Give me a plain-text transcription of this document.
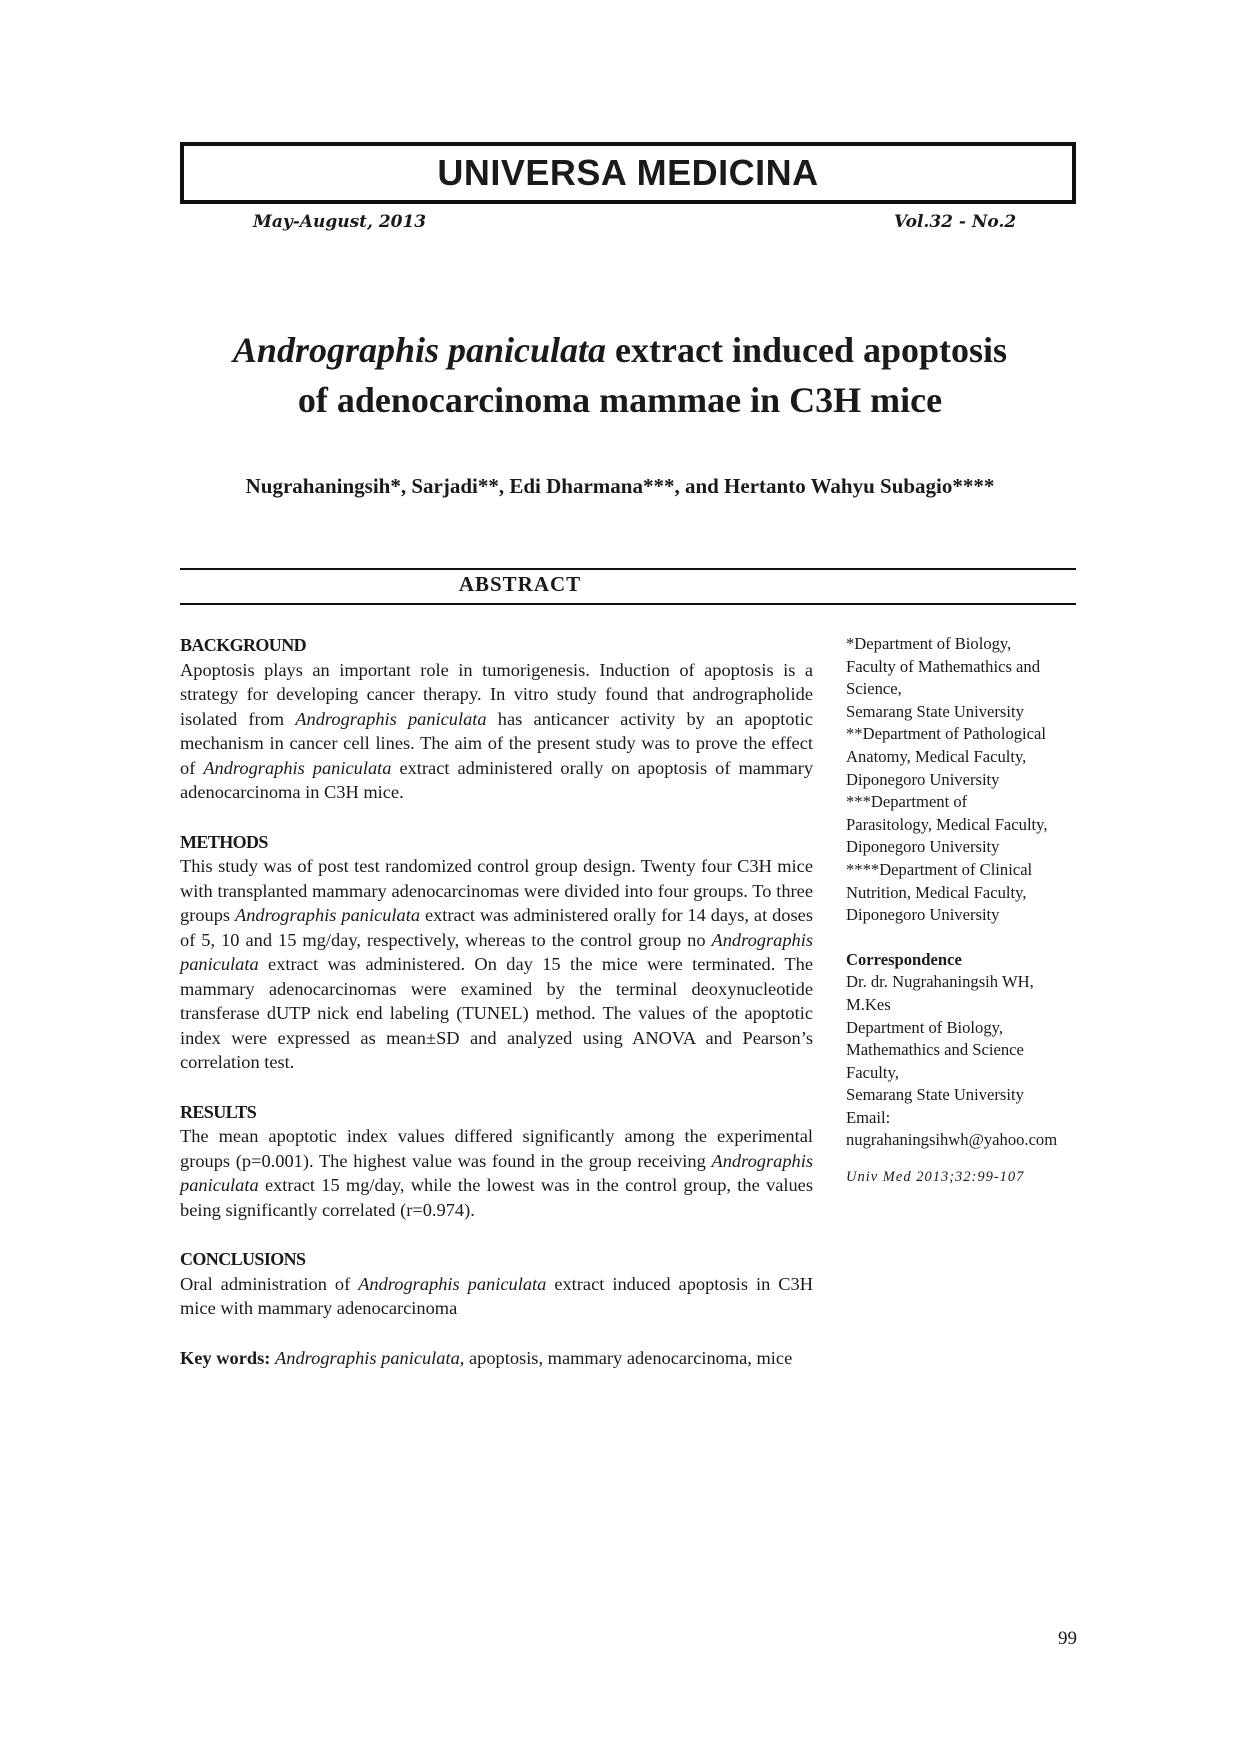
UNIVERSA MEDICINA
May-August, 2013	Vol.32 - No.2
Andrographis paniculata extract induced apoptosis
of adenocarcinoma mammae in C3H mice
Nugrahaningsih*, Sarjadi**, Edi Dharmana***, and Hertanto Wahyu Subagio****
ABSTRACT
BACKGROUND

Apoptosis plays an important role in tumorigenesis. Induction of apoptosis is a strategy for developing cancer therapy. In vitro study found that andrographolide isolated from Andrographis paniculata has anticancer activity by an apoptotic mechanism in cancer cell lines. The aim of the present study was to prove the effect of Andrographis paniculata extract administered orally on apoptosis of mammary adenocarcinoma in C3H mice.

METHODS

This study was of post test randomized control group design. Twenty four C3H mice with transplanted mammary adenocarcinomas were divided into four groups. To three groups Andrographis paniculata extract was administered orally for 14 days, at doses of 5, 10 and 15 mg/day, respectively, whereas to the control group no Andrographis paniculata extract was administered. On day 15 the mice were terminated. The mammary adenocarcinomas were examined by the terminal deoxynucleotide transferase dUTP nick end labeling (TUNEL) method. The values of the apoptotic index were expressed as mean±SD and analyzed using ANOVA and Pearson’s correlation test.

RESULTS

The mean apoptotic index values differed significantly among the experimental groups (p=0.001). The highest value was found in the group receiving Andrographis paniculata extract 15 mg/day, while the lowest was in the control group, the values being significantly correlated (r=0.974).

CONCLUSIONS

Oral administration of Andrographis paniculata extract induced apoptosis in C3H mice with mammary adenocarcinoma

Key words: Andrographis paniculata, apoptosis, mammary adenocarcinoma, mice
*Department of Biology,
Faculty of Mathemathics and
Science,
Semarang State University
**Department of Pathological
Anatomy, Medical Faculty,
Diponegoro University
***Department of
Parasitology, Medical Faculty,
Diponegoro University
****Department of Clinical
Nutrition, Medical Faculty,
Diponegoro University
Correspondence
Dr. dr. Nugrahaningsih WH,
M.Kes
Department of Biology,
Mathemathics and Science
Faculty,
Semarang State University
Email:
nugrahaningsihwh@yahoo.com
Univ Med 2013;32:99-107
99
